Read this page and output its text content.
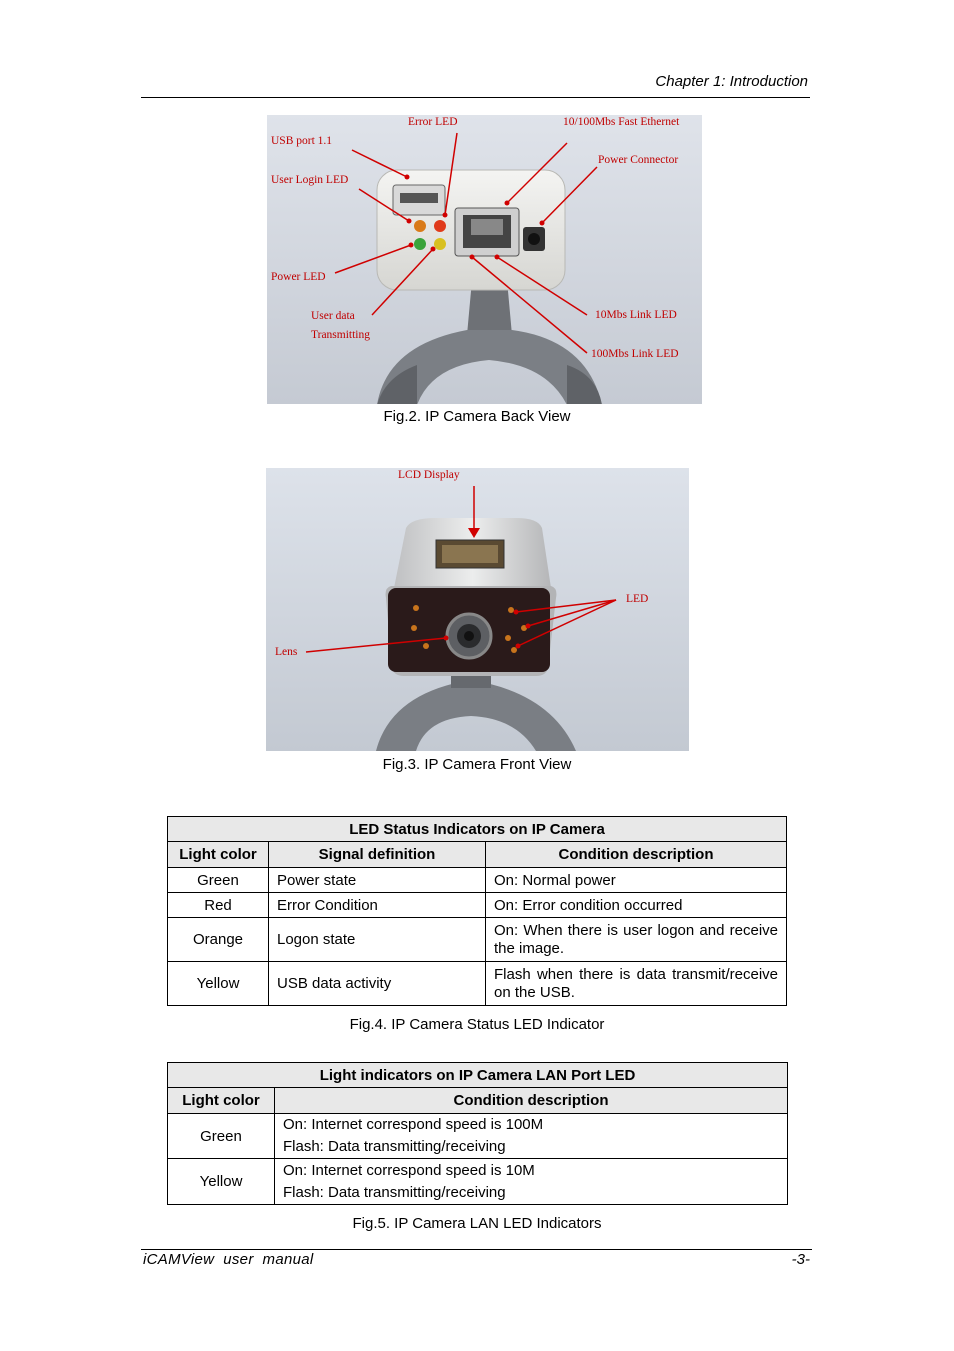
Chapter 1: Introduction
Error LED	10/100Mbs Fast Ethernet
USB port 1.1
Power Connector
User Login LED
Power LED
User data
Transmitting
10Mbs Link LED
100Mbs Link LED
Fig.2. IP Camera Back View
LCD Display
LED
Lens
Fig.3. IP Camera Front View
LED Status Indicators on IP Camera		
Light color	Signal definition	Condition description
Green	Power state	On: Normal power
Red	Error Condition	On: Error condition occurred
Orange	Logon state	On: When there is user logon and receive the image.
Yellow	USB data activity	Flash when there is data transmit/receive on the USB.
Fig.4. IP Camera Status LED Indicator
Light indicators on IP Camera LAN Port LED	
Light color	Condition description
Green	On: Internet correspond speed is 100M
Flash: Data transmitting/receiving

Yellow	On: Internet correspond speed is 10M
Flash: Data transmitting/receiving
Fig.5. IP Camera LAN LED Indicators
iCAMView  user  manual	-3-
